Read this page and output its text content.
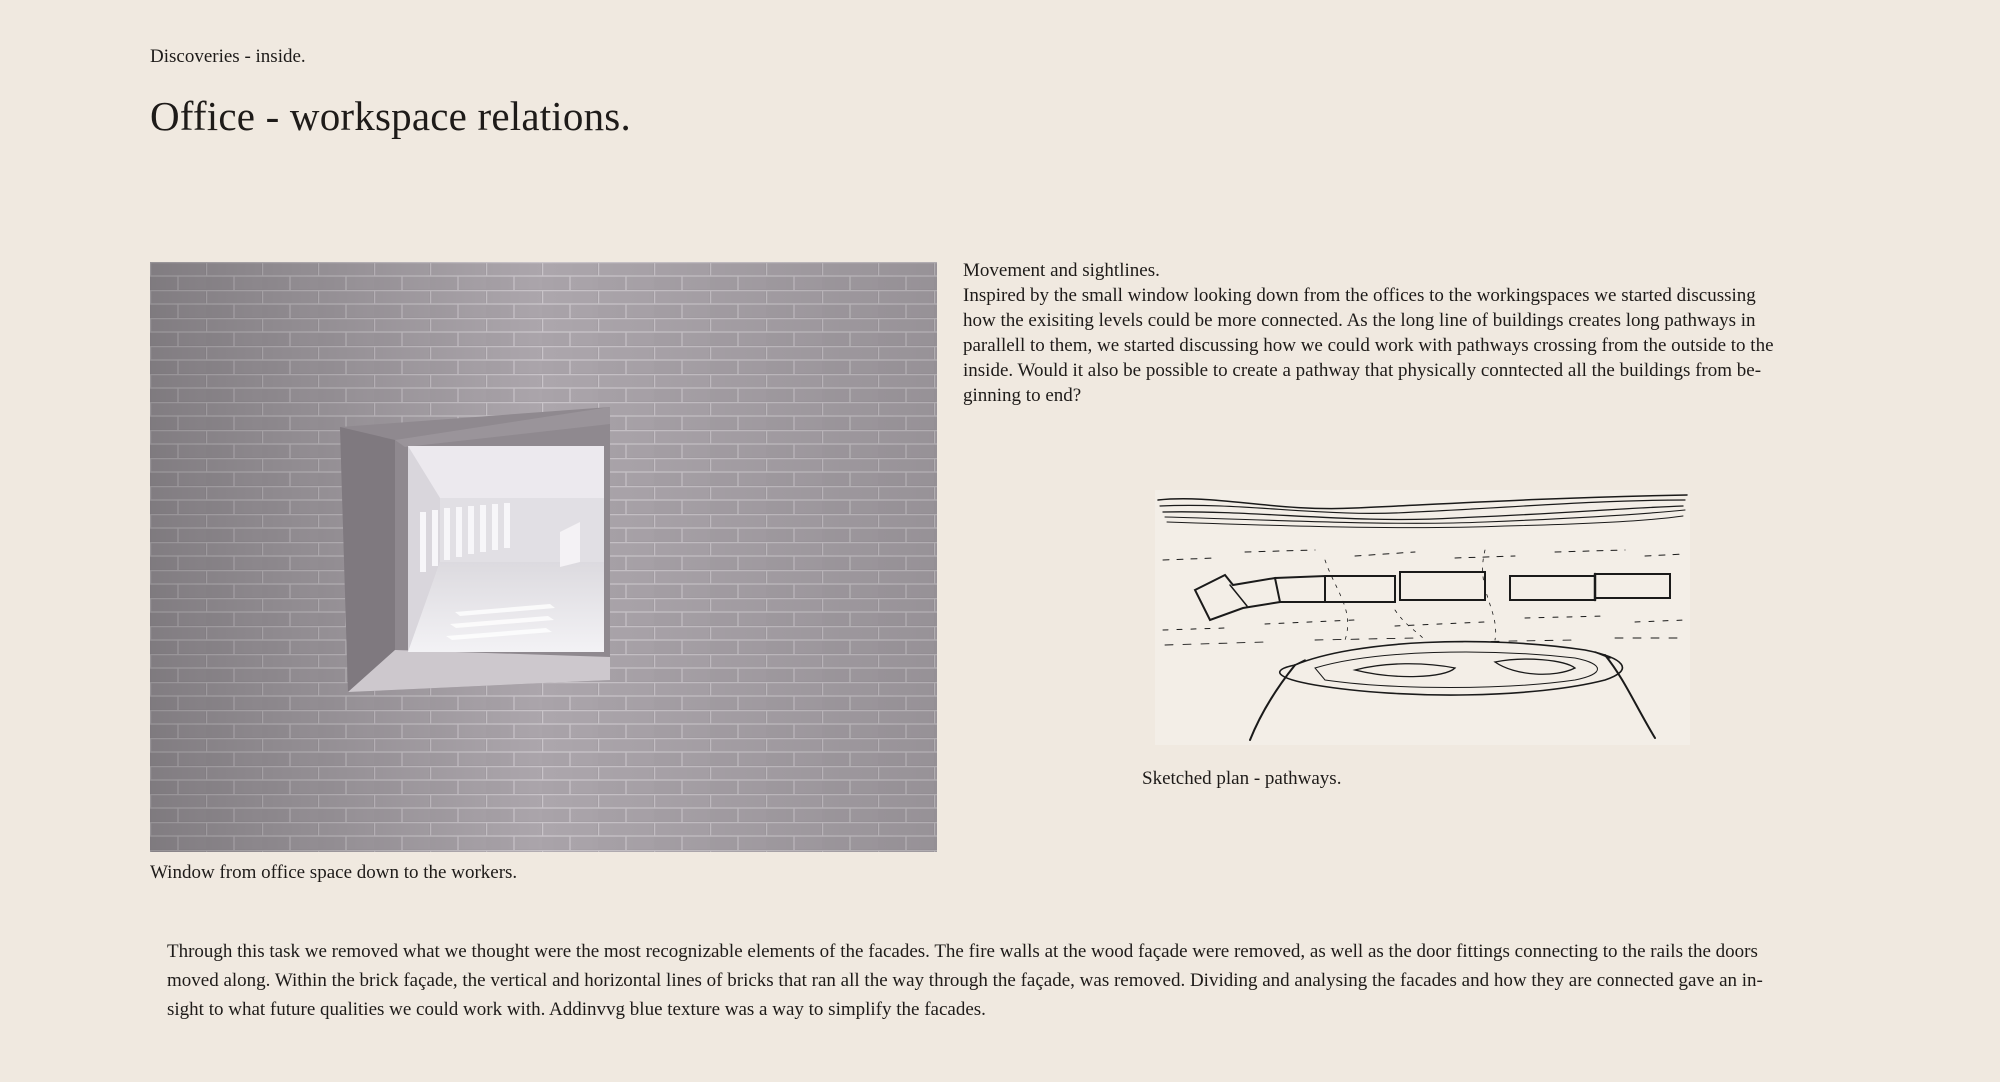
Discoveries - inside.
Office - workspace relations.
Window from office space down to the workers.
Movement and sightlines.
Inspired by the small window looking down from the offices to the workingspaces we started discussing
how the exisiting levels could be more connected. As the long line of buildings creates long pathways in
parallell to them, we started discussing how we could work with pathways crossing from the outside to the
inside. Would it also be possible to create a pathway that physically conntected all the buildings from be-
ginning to end?
Sketched plan - pathways.
Through this task we removed what we thought were the most recognizable elements of the facades. The fire walls at the wood façade were removed, as well as the door fittings connecting to the rails the doors
moved along. Within the brick façade, the vertical and horizontal lines of bricks that ran all the way through the façade, was removed. Dividing and analysing the facades and how they are connected gave an in-
sight to what future qualities we could work with. Addinvvg blue texture was a way to simplify the facades.
